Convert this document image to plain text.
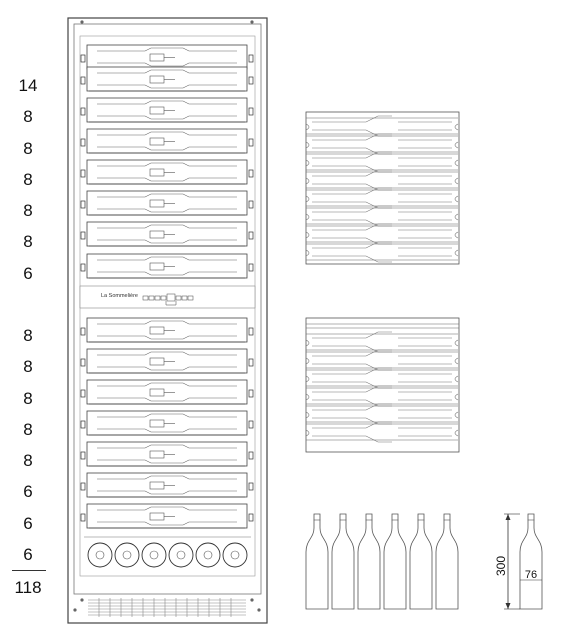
14
8
8
8
8
8
6
8
8
8
8
8
6
6
6
118
La Sommelière
300 76
